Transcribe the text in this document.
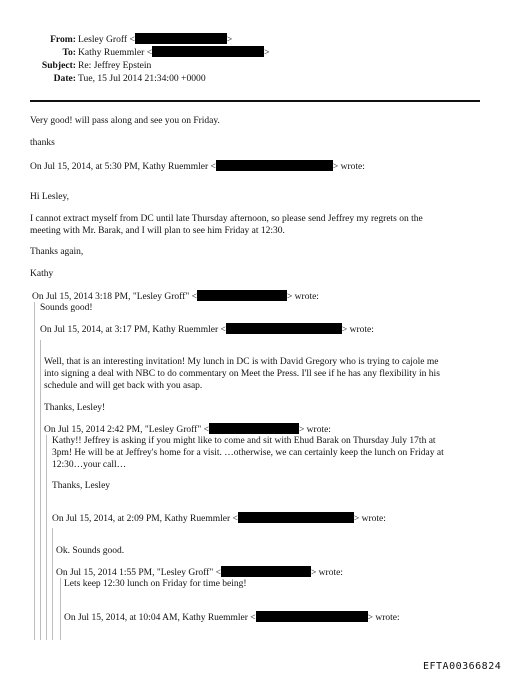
From: Lesley Groff <	>
To: Kathy Ruemmler <	>
Subject: Re: Jeffrey Epstein
Date: Tue, 15 Jul 2014 21:34:00 +0000
Very good! will pass along and see you on Friday.
thanks
On Jul 15, 2014, at 5:30 PM, Kathy Ruemmler <	> wrote:
Hi Lesley,
I cannot extract myself from DC until late Thursday afternoon, so please send Jeffrey my regrets on the
meeting with Mr. Barak, and I will plan to see him Friday at 12:30.
Thanks again,
Kathy
On Jul 15, 2014 3:18 PM, "Lesley Groff" <	> wrote:
Sounds good!
On Jul 15, 2014, at 3:17 PM, Kathy Ruemmler <	> wrote:
Well, that is an interesting invitation! My lunch in DC is with David Gregory who is trying to cajole me
into signing a deal with NBC to do commentary on Meet the Press. I'll see if he has any flexibility in his
schedule and will get back with you asap.
Thanks, Lesley!
On Jul 15, 2014 2:42 PM, "Lesley Groff" <	> wrote:
Kathy!! Jeffrey is asking if you might like to come and sit with Ehud Barak on Thursday July 17th at
3pm! He will be at Jeffrey's home for a visit. …otherwise, we can certainly keep the lunch on Friday at
12:30…your call…
Thanks, Lesley
On Jul 15, 2014, at 2:09 PM, Kathy Ruemmler <	> wrote:
Ok. Sounds good.
On Jul 15, 2014 1:55 PM, "Lesley Groff" <	> wrote:
Lets keep 12:30 lunch on Friday for time being!
On Jul 15, 2014, at 10:04 AM, Kathy Ruemmler <	> wrote:
EFTA00366824
